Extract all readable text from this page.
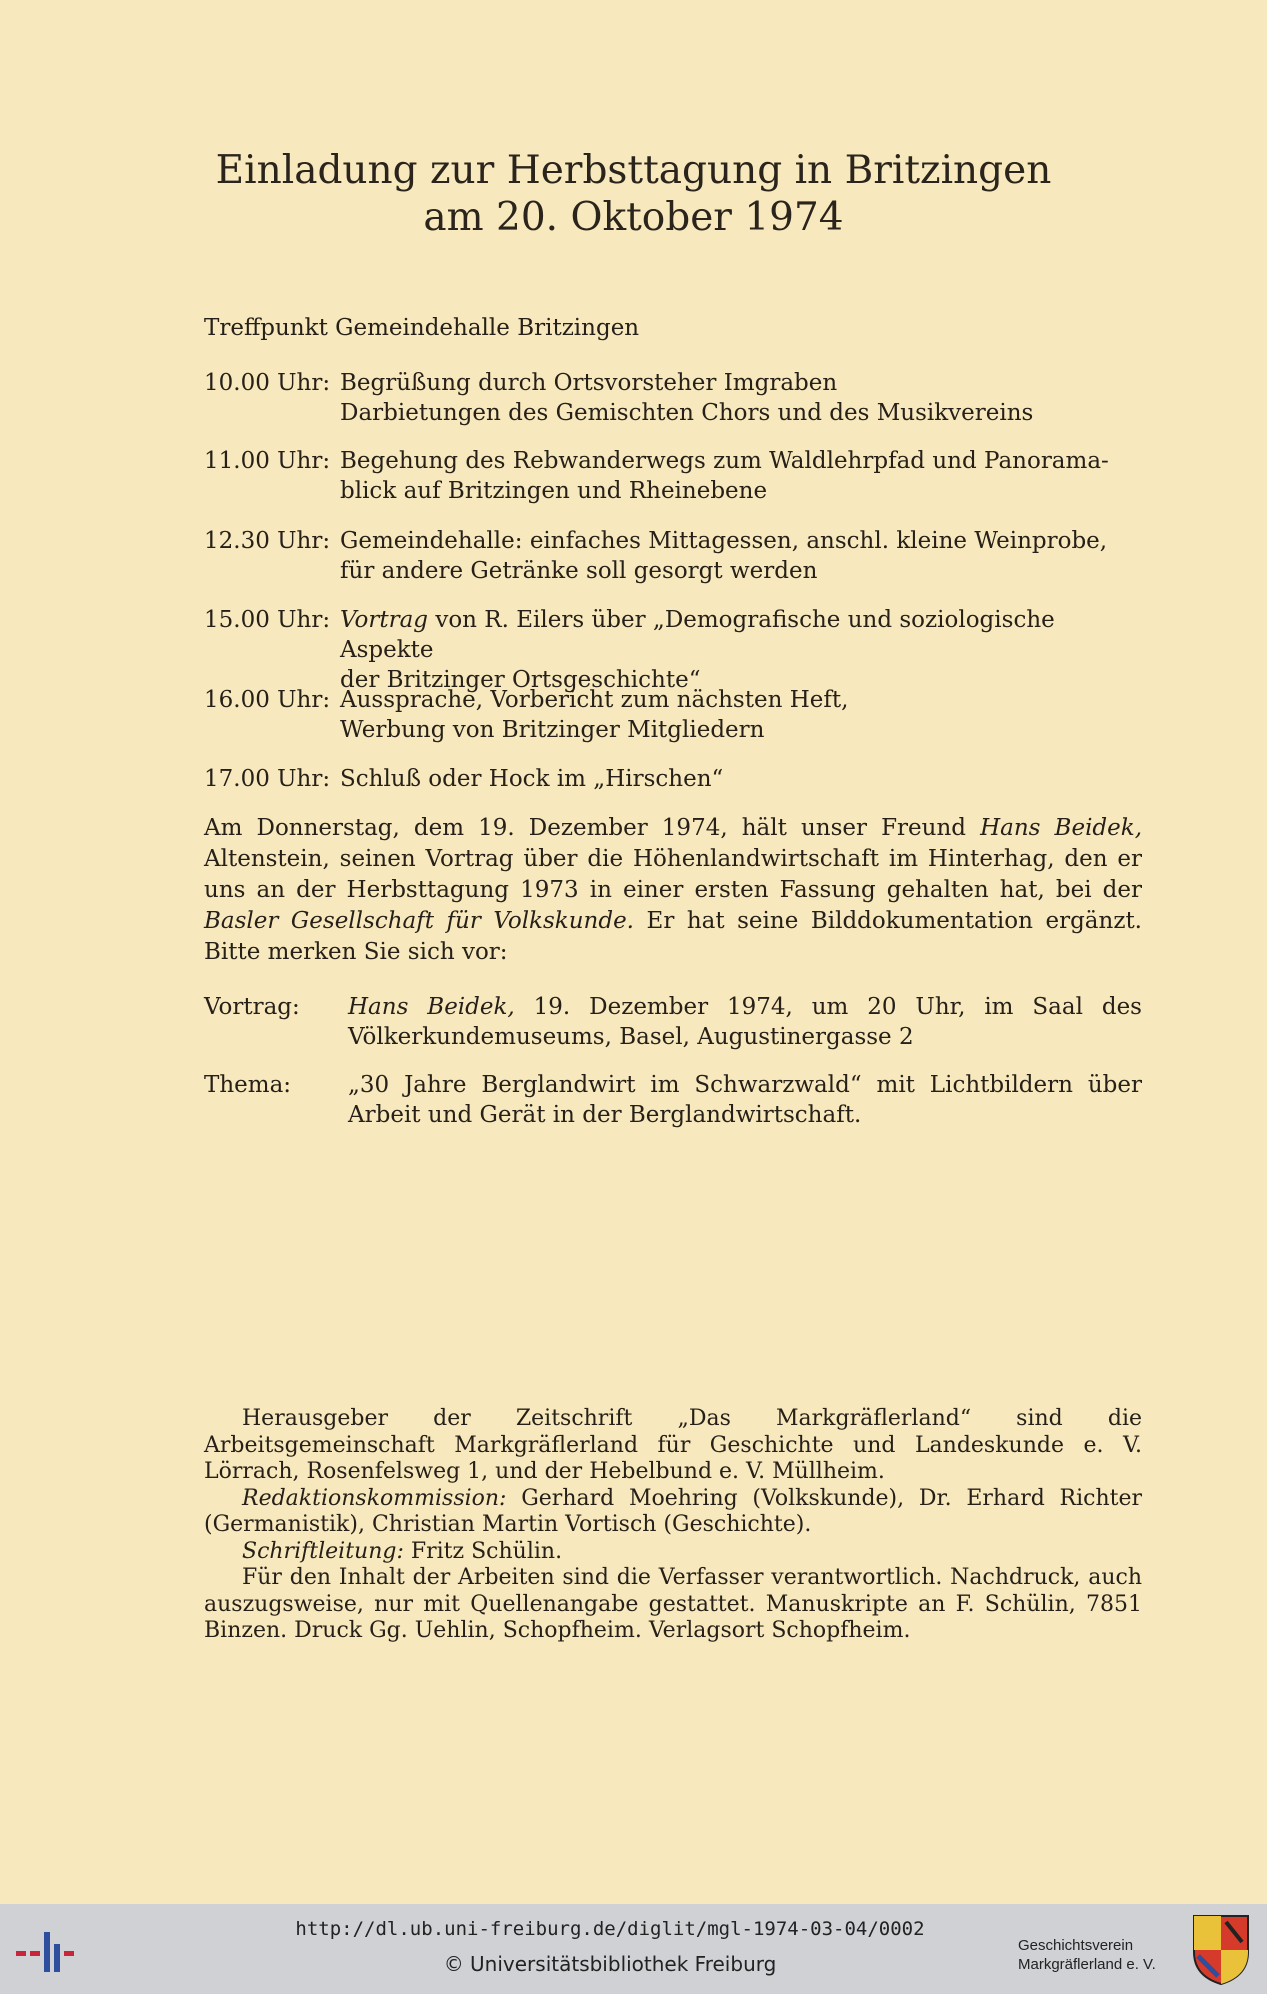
Einladung zur Herbsttagung in Britzingen
am 20. Oktober 1974
Treffpunkt Gemeindehalle Britzingen
10.00 Uhr: Begrüßung durch Ortsvorsteher Imgraben

Darbietungen des Gemischten Chors und des Musikvereins

11.00 Uhr: Begehung des Rebwanderwegs zum Waldlehrpfad und Panorama-

blick auf Britzingen und Rheinebene

12.30 Uhr: Gemeindehalle: einfaches Mittagessen, anschl. kleine Weinprobe,

für andere Getränke soll gesorgt werden

15.00 Uhr: Vortrag von R. Eilers über „Demografische und soziologische Aspekte

der Britzinger Ortsgeschichte“

16.00 Uhr: Aussprache, Vorbericht zum nächsten Heft,

Werbung von Britzinger Mitgliedern

17.00 Uhr: Schluß oder Hock im „Hirschen“

Am Donnerstag, dem 19. Dezember 1974, hält unser Freund Hans Beidek, Altenstein, seinen Vortrag über die Höhenlandwirtschaft im Hinterhag, den er uns an der Herbsttagung 1973 in einer ersten Fassung gehalten hat, bei der Basler Gesellschaft für Volkskunde. Er hat seine Bilddokumentation ergänzt. Bitte merken Sie sich vor:
Vortrag: Hans Beidek, 19. Dezember 1974, um 20 Uhr, im Saal des Völkerkundemuseums, Basel, Augustinergasse 2
Thema: „30 Jahre Berglandwirt im Schwarzwald“ mit Lichtbildern über Arbeit und Gerät in der Berglandwirtschaft.

Herausgeber der Zeitschrift „Das Markgräflerland“ sind die Arbeitsgemeinschaft Markgräflerland für Geschichte und Landeskunde e. V. Lörrach, Rosenfelsweg 1, und der Hebelbund e. V. Müllheim.

Redaktionskommission: Gerhard Moehring (Volkskunde), Dr. Erhard Richter (Germanistik), Christian Martin Vortisch (Geschichte).

Schriftleitung: Fritz Schülin.

Für den Inhalt der Arbeiten sind die Verfasser verantwortlich. Nachdruck, auch auszugsweise, nur mit Quellenangabe gestattet. Manuskripte an F. Schülin, 7851 Binzen. Druck Gg. Uehlin, Schopfheim. Verlagsort Schopfheim.

http://dl.ub.uni-freiburg.de/diglit/mgl-1974-03-04/0002
© Universitätsbibliothek Freiburg
Geschichtsverein
Markgräflerland e. V.
